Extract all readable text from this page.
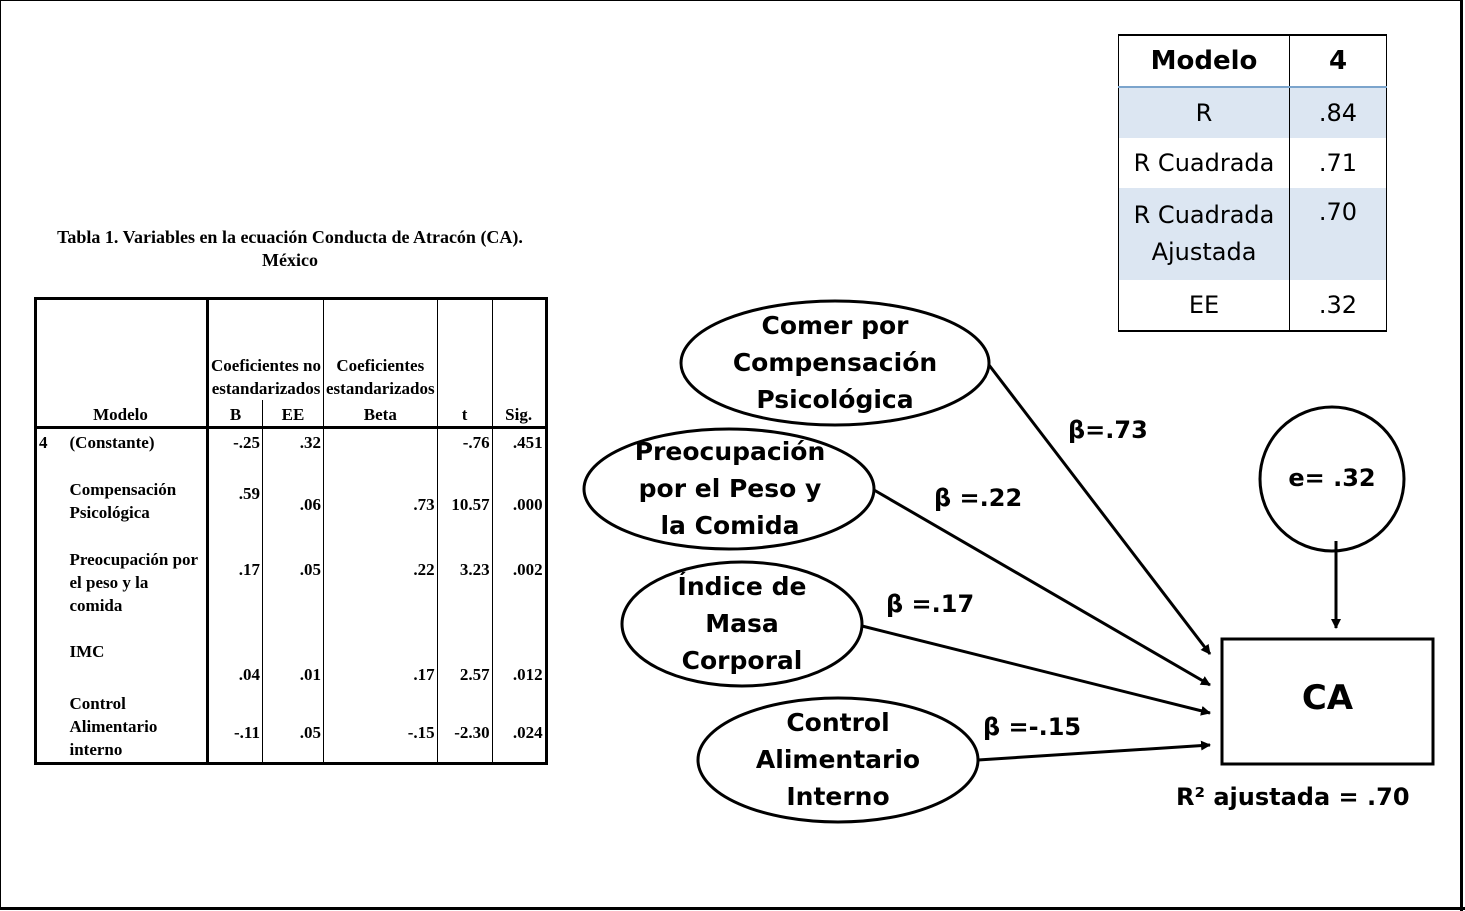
Tabla 1. Variables en la ecuación Conducta de Atracón (CA). México
		Coeficientes no estandarizados		Coeficientes estandarizados		
Modelo		B	EE	Beta	t	Sig.
4	(Constante)	-.25	.32		-.76	.451
	Compensación Psicológica	.59	.06	.73	10.57	.000
	Preocupación por el peso y la comida	.17	.05	.22	3.23	.002
	IMC	.04	.01	.17	2.57	.012
	Control Alimentario interno	-.11	.05	-.15	-2.30	.024
Modelo	4
R	.84
R Cuadrada	.71
R Cuadrada Ajustada	.70
EE	.32
Comer por Compensación Psicológica
Preocupación por el Peso y la Comida
Índice de Masa Corporal
Control Alimentario Interno
β=.73
β =.22
β =.17
β =-.15
e= .32
CA
R² ajustada = .70
